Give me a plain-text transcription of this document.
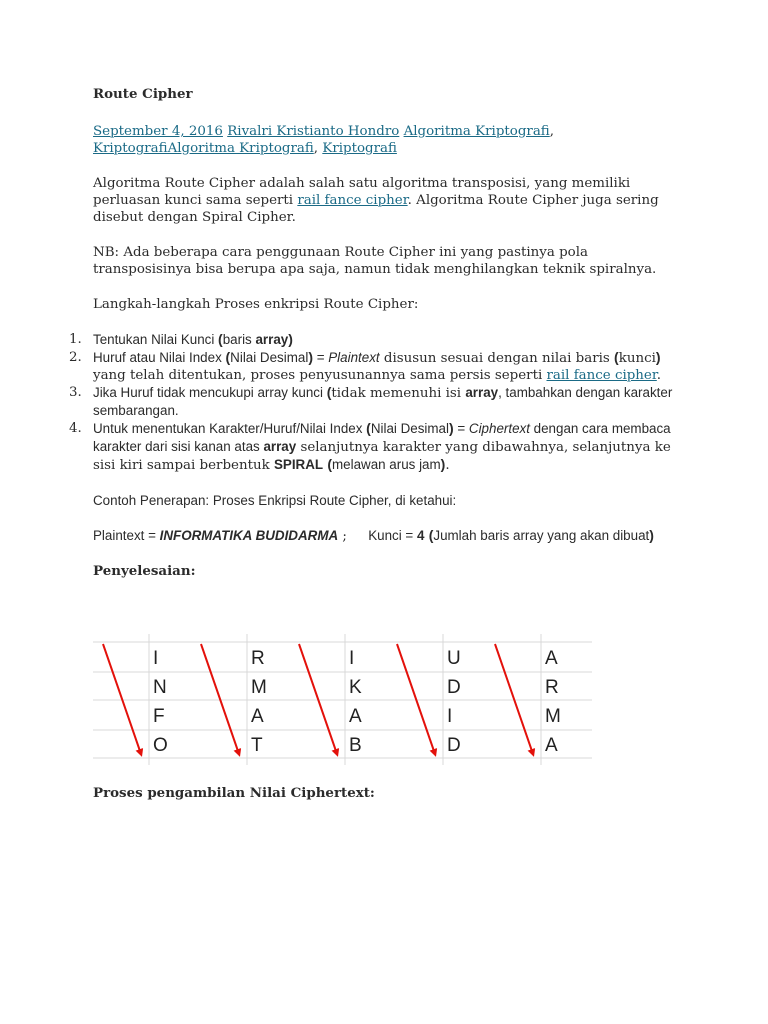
Route Cipher
September 4, 2016 Rivalri Kristianto Hondro Algoritma Kriptografi,
KriptografiAlgoritma Kriptografi, Kriptografi

Algoritma Route Cipher adalah salah satu algoritma transposisi, yang memiliki perluasan kunci sama seperti rail fance cipher. Algoritma Route Cipher juga sering disebut dengan Spiral Cipher.

NB: Ada beberapa cara penggunaan Route Cipher ini yang pastinya pola transposisinya bisa berupa apa saja, namun tidak menghilangkan teknik spiralnya.

Langkah-langkah Proses enkripsi Route Cipher:

1. Tentukan Nilai Kunci (baris array)
2. Huruf atau Nilai Index (Nilai Desimal) = Plaintext disusun sesuai dengan nilai baris (kunci) yang telah ditentukan, proses penyusunannya sama persis seperti rail fance cipher.
3. Jika Huruf tidak mencukupi array kunci (tidak memenuhi isi array, tambahkan dengan karakter sembarangan.
4. Untuk menentukan Karakter/Huruf/Nilai Index (Nilai Desimal) = Ciphertext dengan cara membaca karakter dari sisi kanan atas array selanjutnya karakter yang dibawahnya, selanjutnya ke sisi kiri sampai berbentuk SPIRAL (melawan arus jam).

Contoh Penerapan: Proses Enkripsi Route Cipher, di ketahui:

Plaintext = INFORMATIKA BUDIDARMA ;     Kunci = 4 (Jumlah baris array yang akan dibuat)

Penyelesaian:

I
N
F
O
R
M
A
T
I
K
A
B
U
D
I
D
A
R
M
A
Proses pengambilan Nilai Ciphertext:
